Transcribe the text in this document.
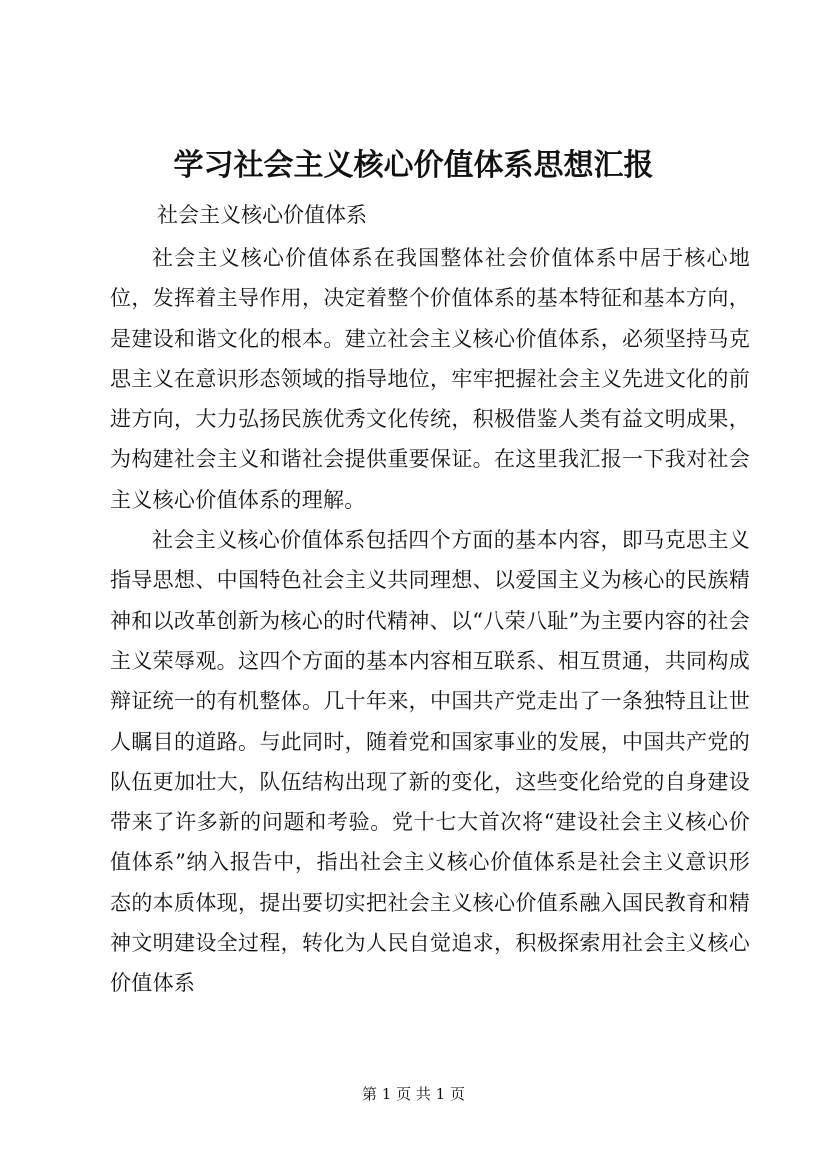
学习社会主义核心价值体系思想汇报
社会主义核心价值体系

社会主义核心价值体系在我国整体社会价值体系中居于核心地位，发挥着主导作用，决定着整个价值体系的基本特征和基本方向，是建设和谐文化的根本。建立社会主义核心价值体系，必须坚持马克思主义在意识形态领域的指导地位，牢牢把握社会主义先进文化的前进方向，大力弘扬民族优秀文化传统，积极借鉴人类有益文明成果，为构建社会主义和谐社会提供重要保证。在这里我汇报一下我对社会主义核心价值体系的理解。

社会主义核心价值体系包括四个方面的基本内容，即马克思主义指导思想、中国特色社会主义共同理想、以爱国主义为核心的民族精神和以改革创新为核心的时代精神、以“八荣八耻”为主要内容的社会主义荣辱观。这四个方面的基本内容相互联系、相互贯通，共同构成辩证统一的有机整体。几十年来，中国共产党走出了一条独特且让世人瞩目的道路。与此同时，随着党和国家事业的发展，中国共产党的队伍更加壮大，队伍结构出现了新的变化，这些变化给党的自身建设带来了许多新的问题和考验。党十七大首次将“建设社会主义核心价值体系”纳入报告中，指出社会主义核心价值体系是社会主义意识形态的本质体现，提出要切实把社会主义核心价值系融入国民教育和精神文明建设全过程，转化为人民自觉追求，积极探索用社会主义核心价值体系

第 1 页 共 1 页
